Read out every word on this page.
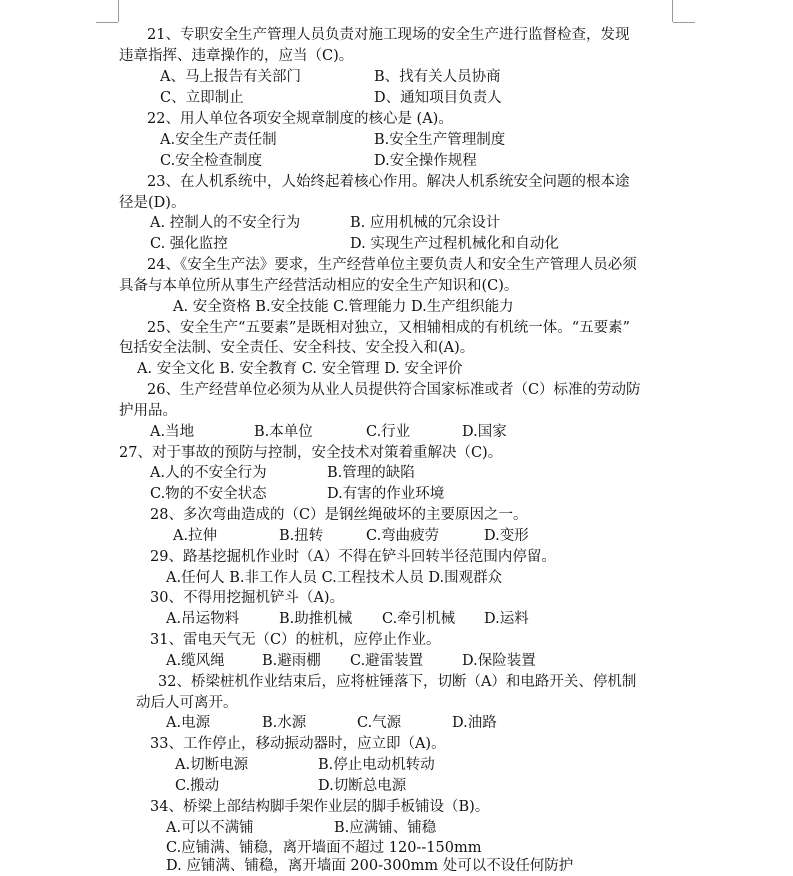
21、专职安全生产管理人员负责对施工现场的安全生产进行监督检查，发现
违章指挥、违章操作的，应当（C)。
A、马上报告有关部门	B、找有关人员协商
C、立即制止	D、通知项目负责人
22、用人单位各项安全规章制度的核心是 (A)。
A.安全生产责任制	B.安全生产管理制度
C.安全检查制度	D.安全操作规程
23、在人机系统中，人始终起着核心作用。解决人机系统安全问题的根本途
径是(D)。
A. 控制人的不安全行为	B. 应用机械的冗余设计
C. 强化监控	D. 实现生产过程机械化和自动化
24、《安全生产法》要求，生产经营单位主要负责人和安全生产管理人员必须
具备与本单位所从事生产经营活动相应的安全生产知识和(C)。
A. 安全资格 B.安全技能 C.管理能力 D.生产组织能力
25、安全生产“五要素”是既相对独立，又相辅相成的有机统一体。“五要素”
包括安全法制、安全责任、安全科技、安全投入和(A)。
A. 安全文化 B. 安全教育 C. 安全管理 D. 安全评价
26、生产经营单位必须为从业人员提供符合国家标准或者（C）标准的劳动防
护用品。
A.当地	B.本单位	C.行业	D.国家
27、对于事故的预防与控制，安全技术对策着重解决（C)。
A.人的不安全行为	B.管理的缺陷
C.物的不安全状态	D.有害的作业环境
28、多次弯曲造成的（C）是钢丝绳破坏的主要原因之一。
A.拉伸	B.扭转	C.弯曲疲劳	D.变形
29、路基挖掘机作业时（A）不得在铲斗回转半径范围内停留。
A.任何人 B.非工作人员 C.工程技术人员 D.围观群众
30、不得用挖掘机铲斗（A)。
A.吊运物料	B.助推机械 C.牵引机械 D.运料
31、雷电天气无（C）的桩机，应停止作业。
A.缆风绳	B.避雨棚 C.避雷装置	D.保险装置
32、桥梁桩机作业结束后，应将桩锤落下，切断（A）和电路开关、停机制
动后人可离开。
A.电源	B.水源	C.气源	D.油路
33、工作停止，移动振动器时，应立即（A)。
A.切断电源	B.停止电动机转动
C.搬动	D.切断总电源
34、桥梁上部结构脚手架作业层的脚手板铺设（B)。
A.可以不满铺	B.应满铺、铺稳
C.应铺满、铺稳，离开墙面不超过 120--150mm
D. 应铺满、铺稳，离开墙面 200-300mm 处可以不设任何防护
